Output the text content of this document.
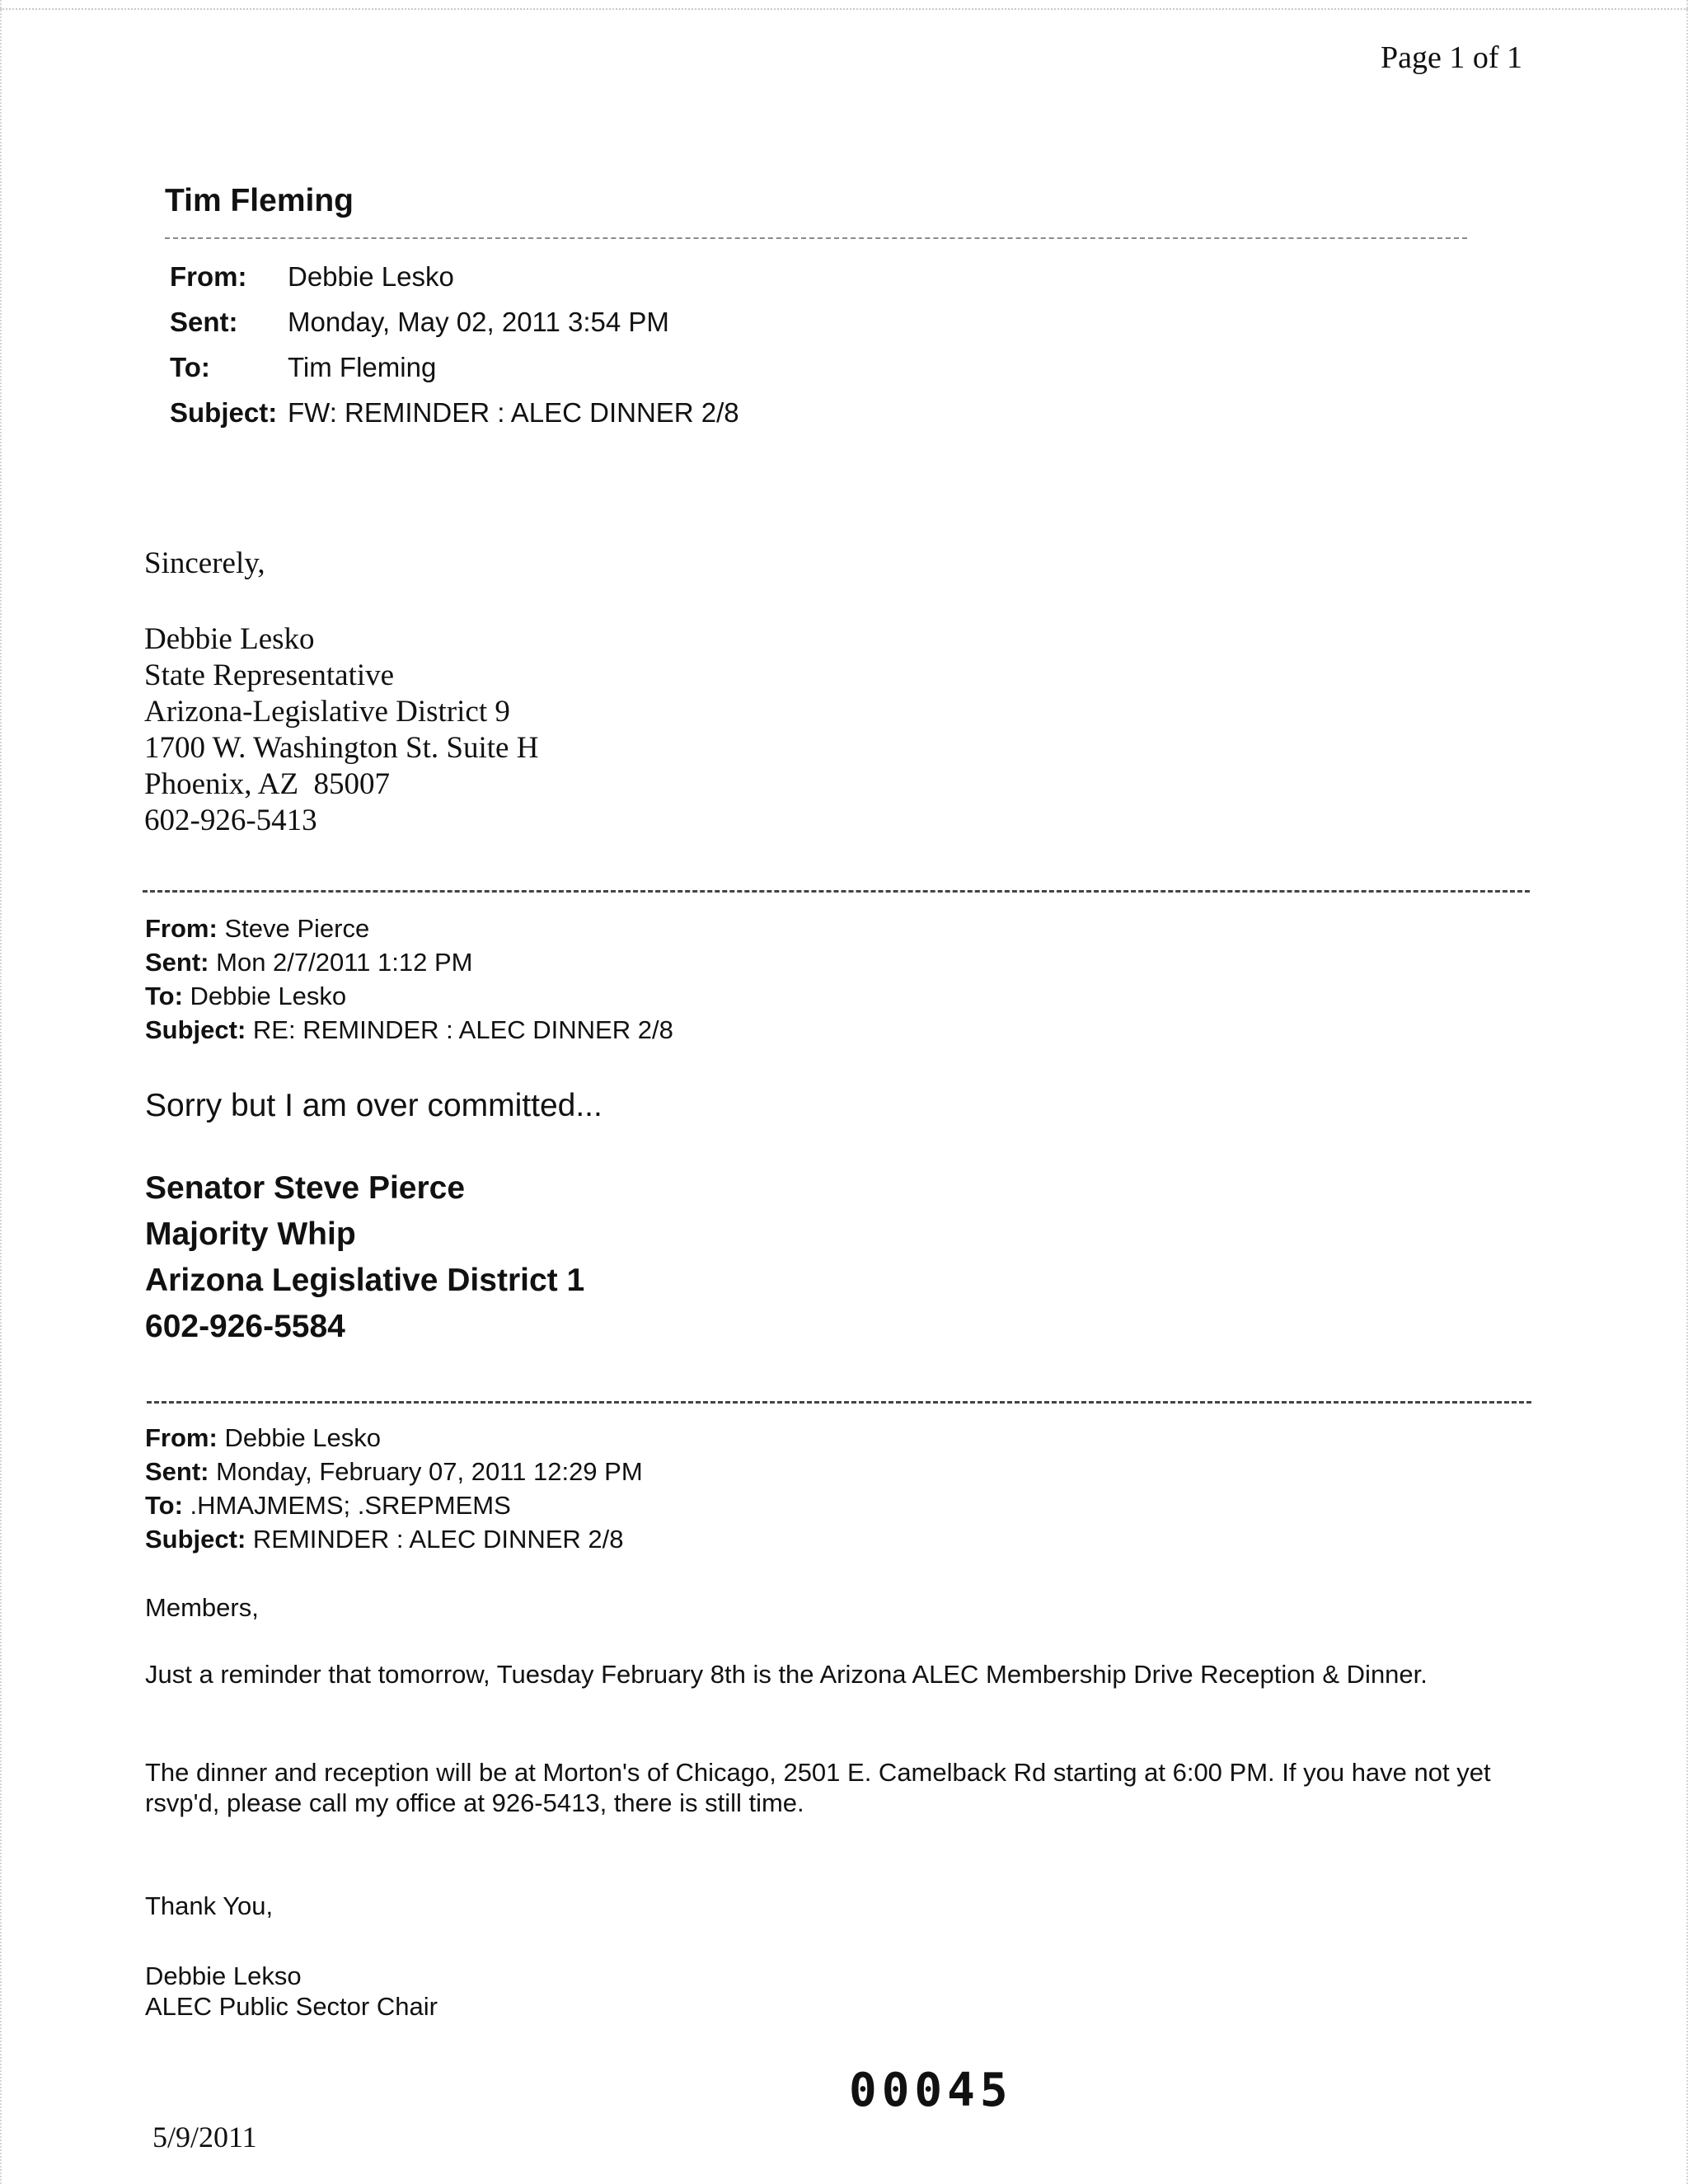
Page 1 of 1
Tim Fleming
From:	Debbie Lesko
Sent:	Monday, May 02, 2011 3:54 PM
To:	Tim Fleming
Subject: FW: REMINDER : ALEC DINNER 2/8
Sincerely,
Debbie Lesko
State Representative
Arizona-Legislative District 9
1700 W. Washington St. Suite H
Phoenix, AZ  85007
602-926-5413
From: Steve Pierce
Sent: Mon 2/7/2011 1:12 PM
To: Debbie Lesko
Subject: RE: REMINDER : ALEC DINNER 2/8
Sorry but I am over committed...
Senator Steve Pierce
Majority Whip
Arizona Legislative District 1
602-926-5584
From: Debbie Lesko
Sent: Monday, February 07, 2011 12:29 PM
To: .HMAJMEMS; .SREPMEMS
Subject: REMINDER : ALEC DINNER 2/8
Members,
Just a reminder that tomorrow, Tuesday February 8th is the Arizona ALEC Membership Drive Reception & Dinner.
The dinner and reception will be at Morton's of Chicago, 2501 E. Camelback Rd starting at 6:00 PM. If you have not yet rsvp'd, please call my office at 926-5413, there is still time.
Thank You,
Debbie Lekso
ALEC Public Sector Chair
00045
5/9/2011
